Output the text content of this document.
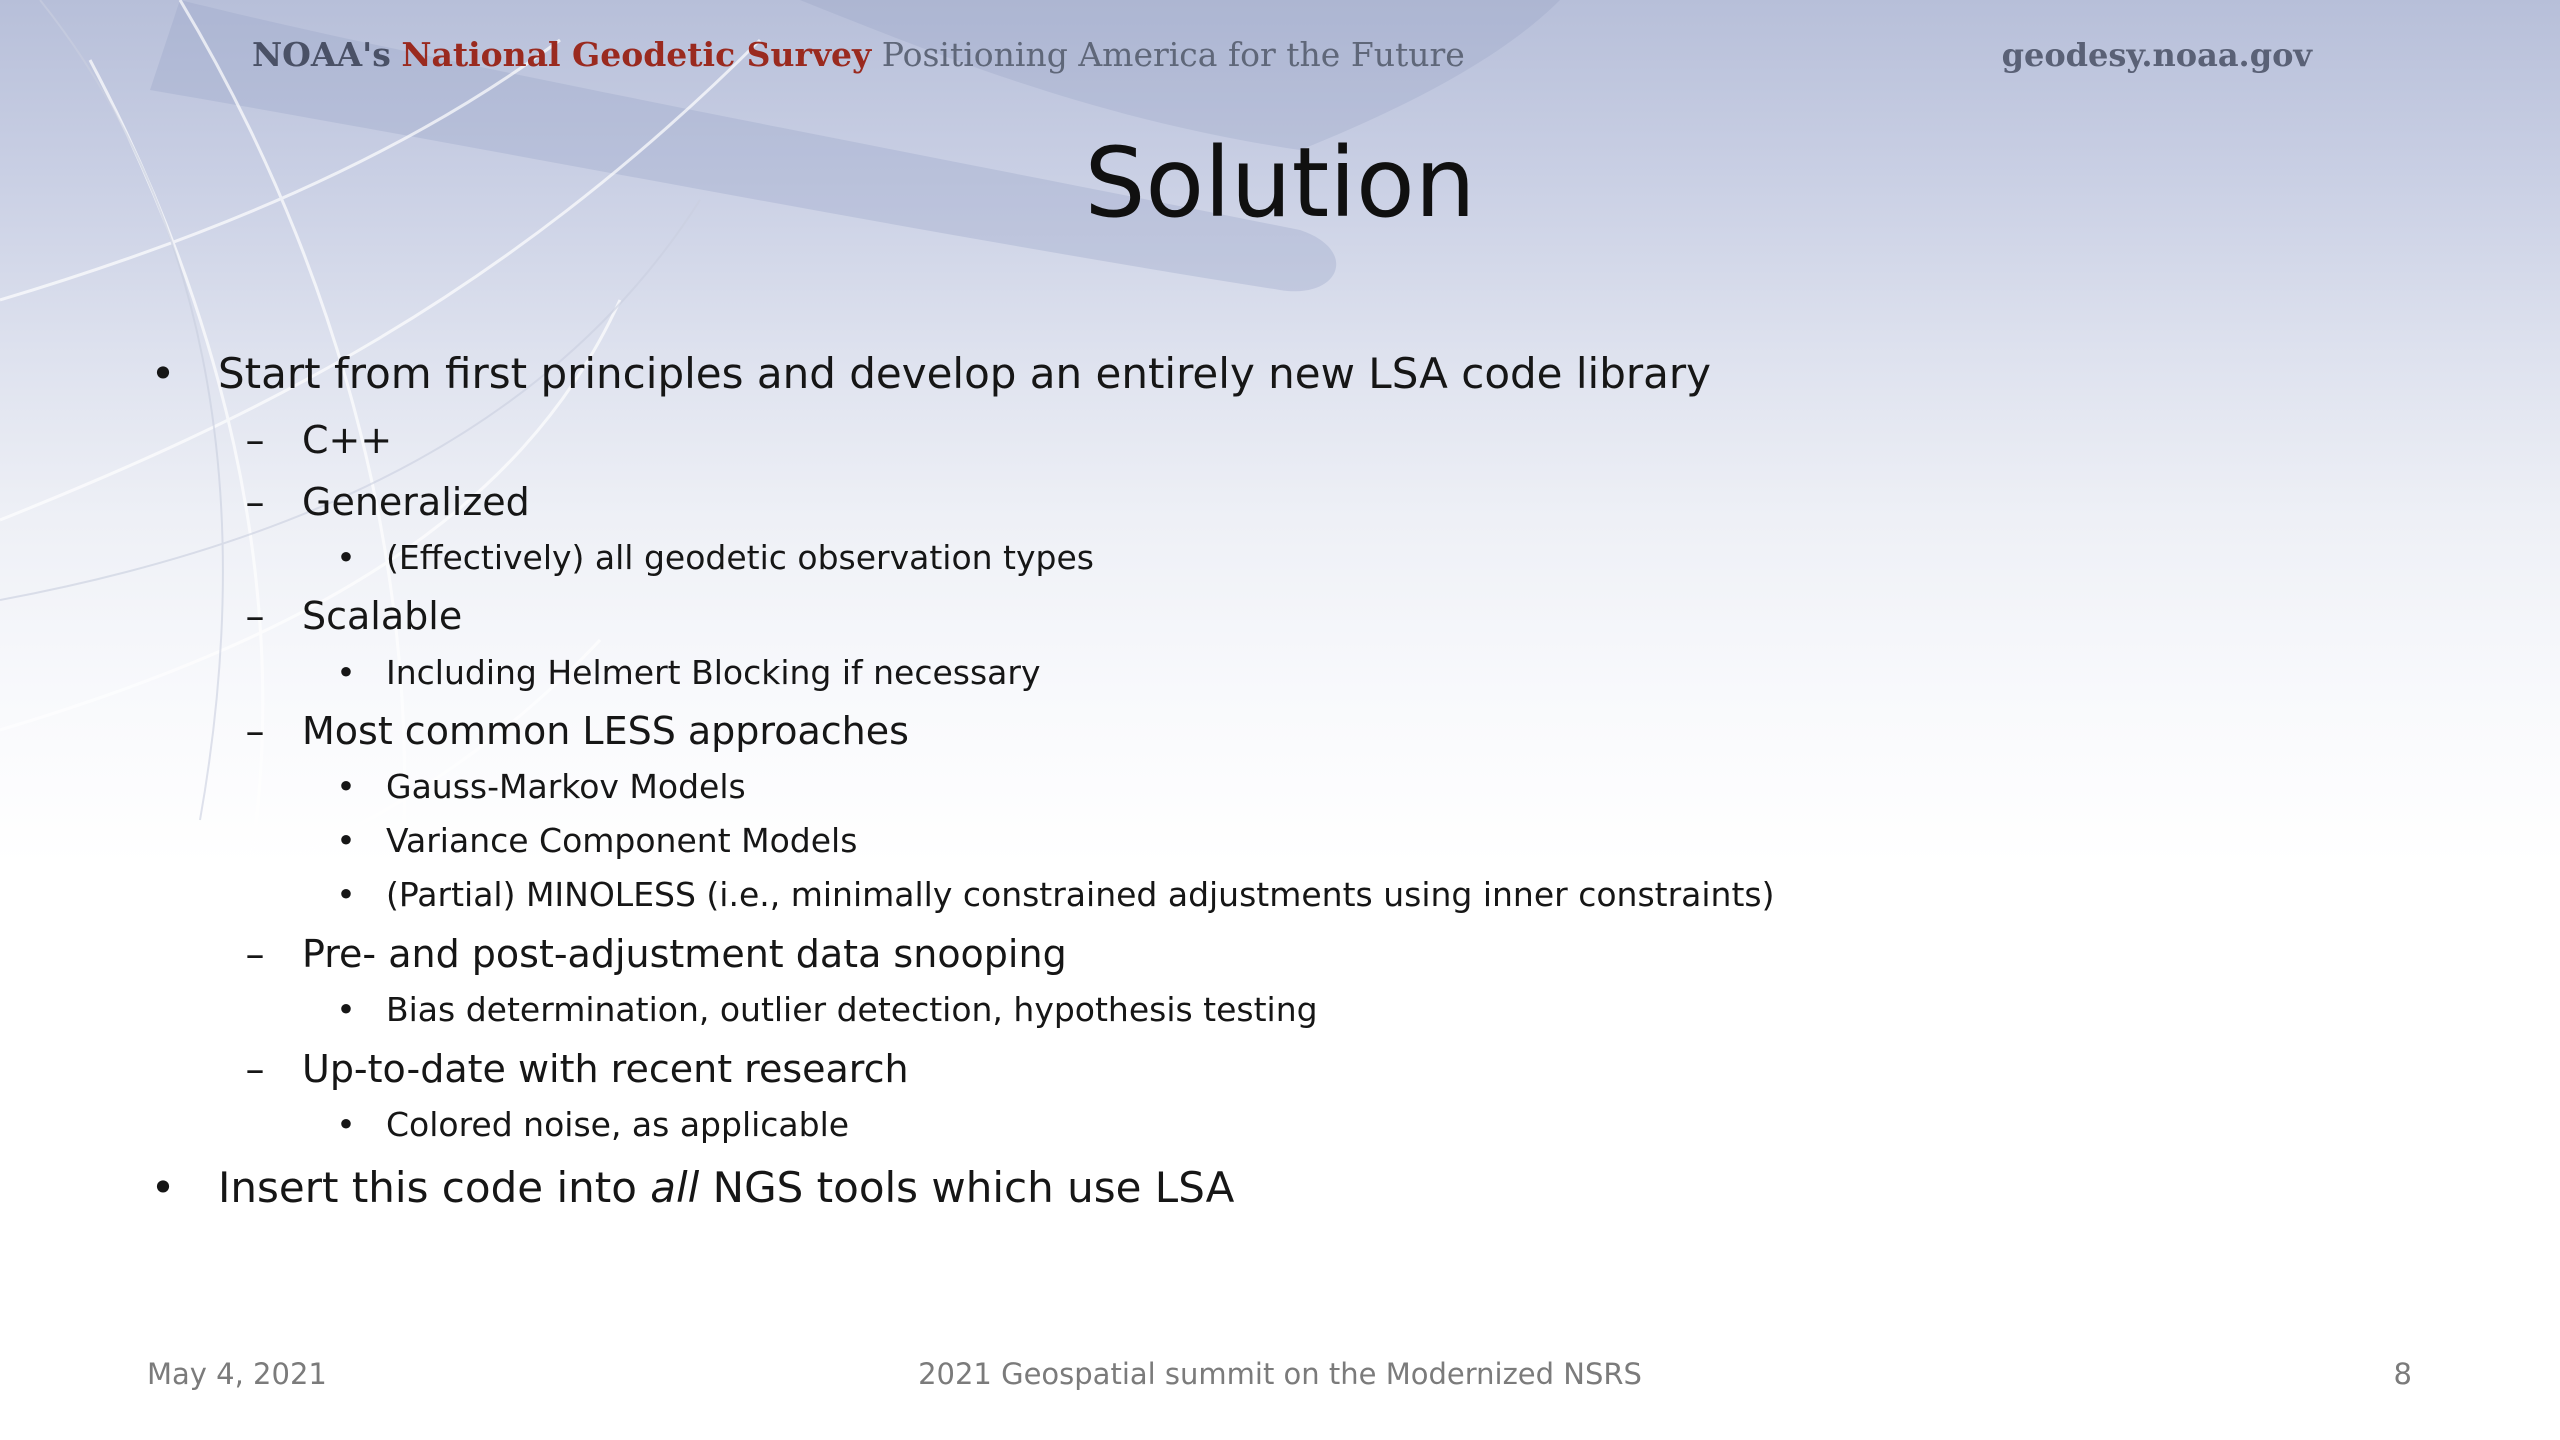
NOAA's National Geodetic Survey Positioning America for the Future	geodesy.noaa.gov
Solution
•	Start from first principles and develop an entirely new LSA code library
– C++
– Generalized
• (Effectively) all geodetic observation types
– Scalable
• Including Helmert Blocking if necessary
– Most common LESS approaches
• Gauss-Markov Models
• Variance Component Models
• (Partial) MINOLESS (i.e., minimally constrained adjustments using inner constraints)
– Pre- and post-adjustment data snooping
• Bias determination, outlier detection, hypothesis testing
– Up-to-date with recent research
• Colored noise, as applicable
•	Insert this code into all NGS tools which use LSA
May 4, 2021	2021 Geospatial summit on the Modernized NSRS	8
